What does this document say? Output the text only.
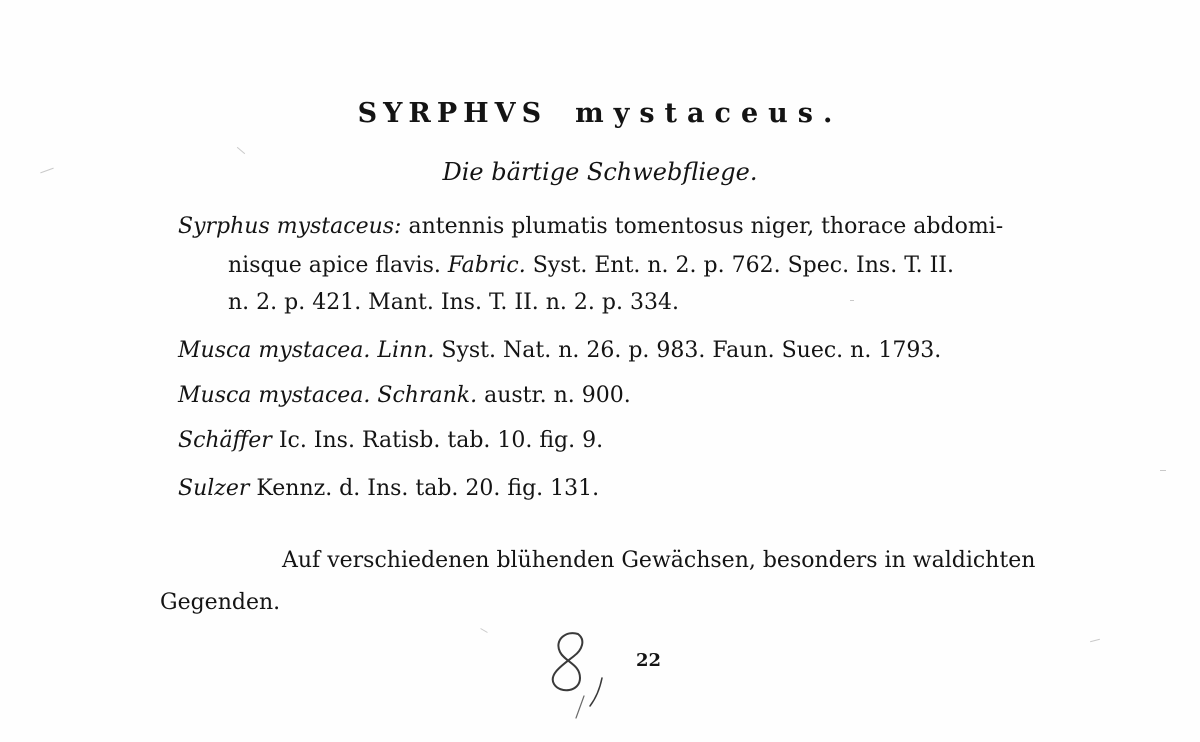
SYRPHVS mystaceus.
Die bärtige Schwebfliege.
Syrphus mystaceus: antennis plumatis tomentosus niger, thorace abdomi-
nisque apice flavis. Fabric. Syst. Ent. n. 2. p. 762. Spec. Ins. T. II.
n. 2. p. 421. Mant. Ins. T. II. n. 2. p. 334.
Musca mystacea. Linn. Syst. Nat. n. 26. p. 983. Faun. Suec. n. 1793.
Musca mystacea. Schrank. austr. n. 900.
Schäffer Ic. Ins. Ratisb. tab. 10. fig. 9.
Sulzer Kennz. d. Ins. tab. 20. fig. 131.
Auf verschiedenen blühenden Gewächsen, besonders in waldichten
Gegenden.
22
